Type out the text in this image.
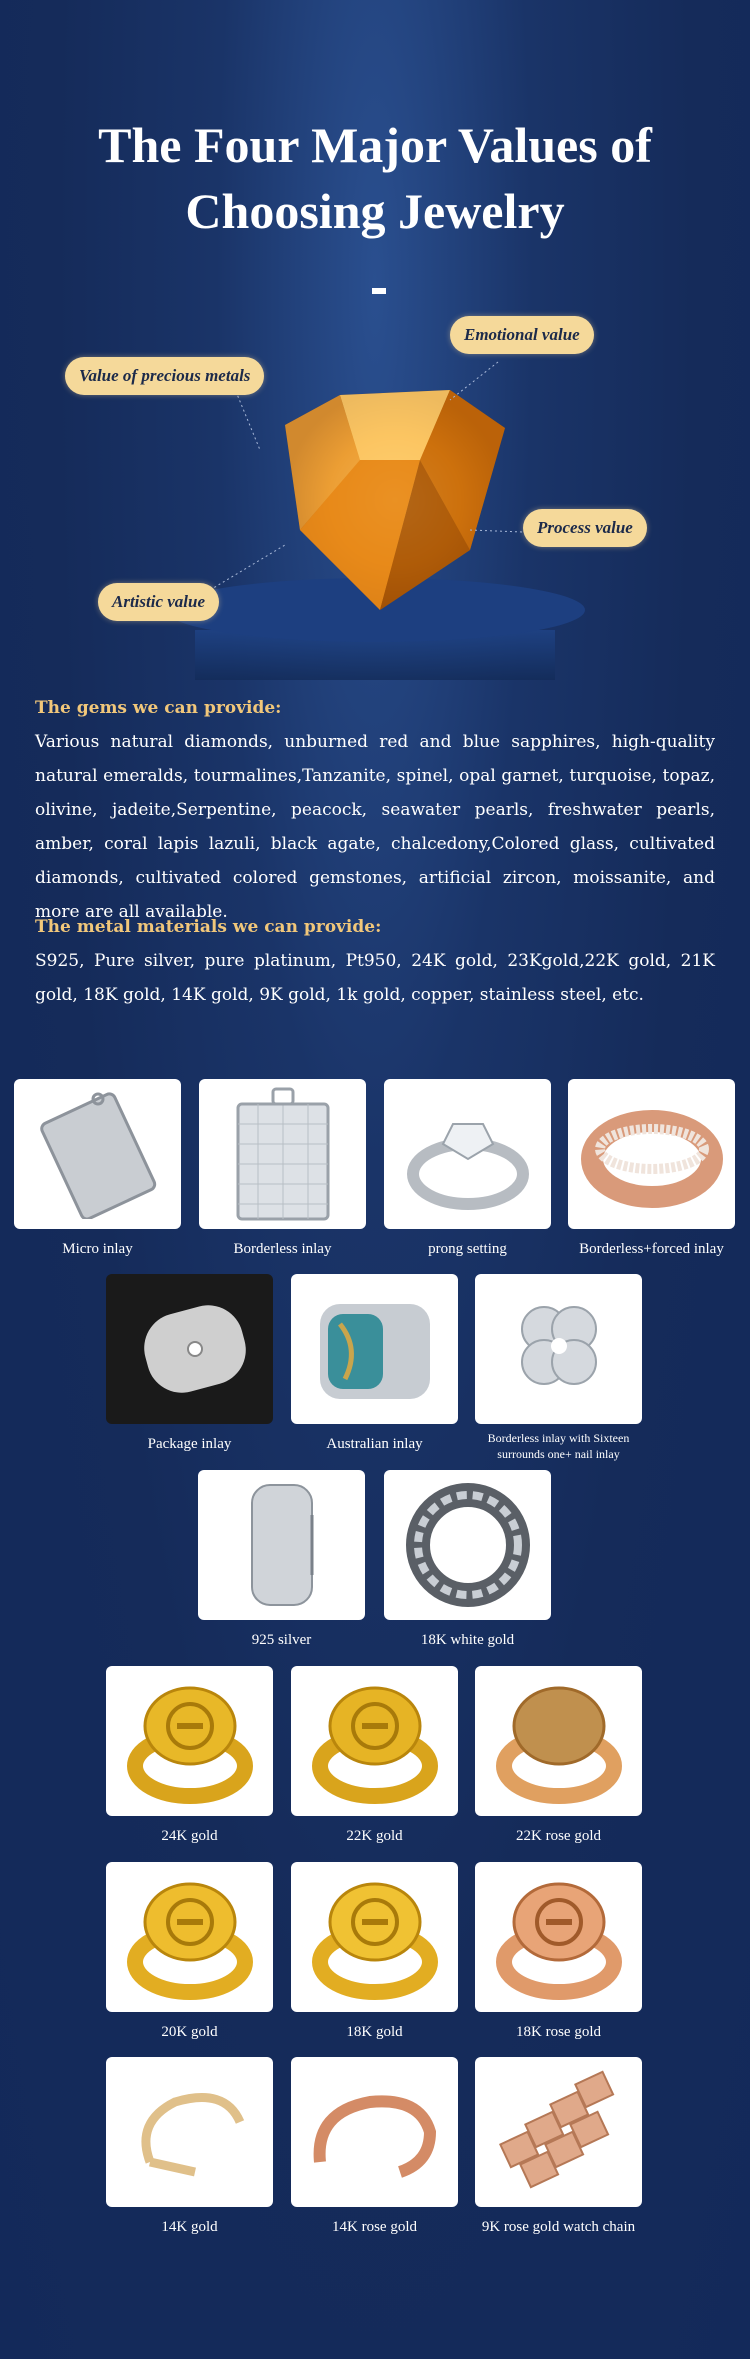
The Four Major Values of
Choosing Jewelry
Emotional value
Value of precious metals
Process value
Artistic value
The gems we can provide:
Various natural diamonds, unburned red and blue sapphires, high-quality natural emeralds, tourmalines,Tanzanite, spinel, opal garnet, turquoise, topaz, olivine, jadeite,Serpentine, peacock, seawater pearls, freshwater pearls, amber, coral lapis lazuli, black agate, chalcedony,Colored glass, cultivated diamonds, cultivated colored gemstones, artificial zircon, moissanite, and more are all available.
The metal materials we can provide:
S925, Pure silver, pure platinum, Pt950, 24K gold, 23Kgold,22K gold, 21K gold, 18K gold, 14K gold, 9K gold, 1k gold, copper, stainless steel, etc.
Micro inlay	Borderless inlay	prong setting	Borderless+forced inlay
Package inlay	Australian inlay	Borderless inlay with Sixteen surrounds one+ nail inlay
925 silver	18K white gold
24K gold	22K gold	22K rose gold
20K gold	18K gold	18K rose gold
14K gold	14K rose gold	9K rose gold watch chain
